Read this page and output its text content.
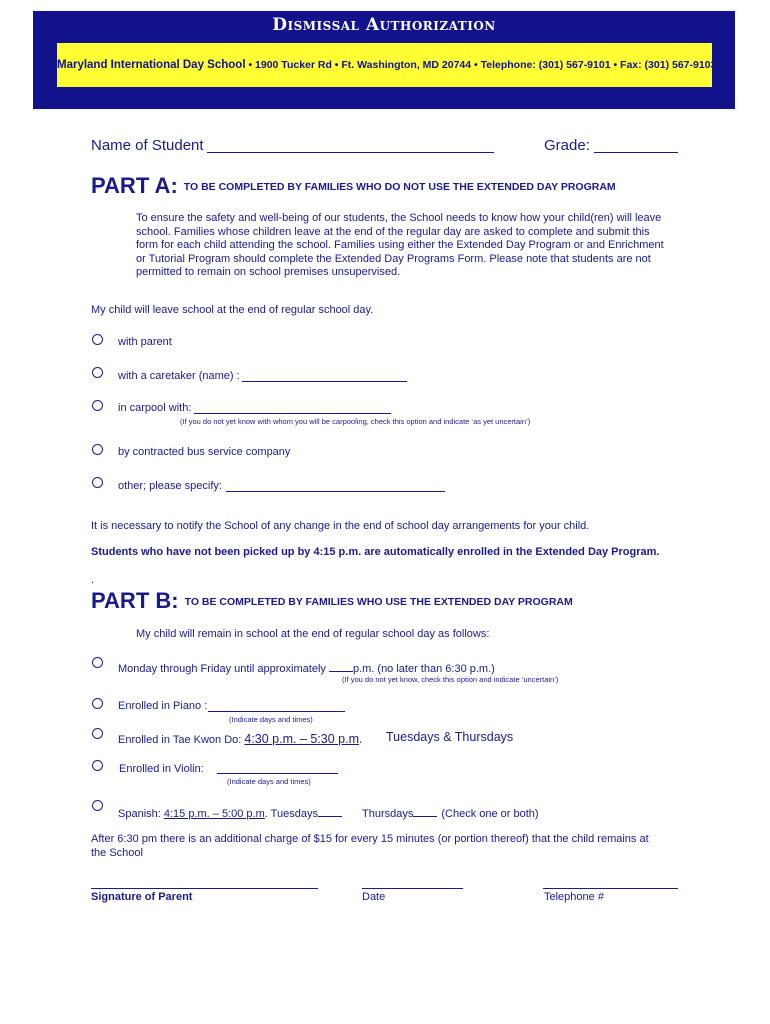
Dismissal Authorization
Maryland International Day School • 1900 Tucker Rd • Ft. Washington, MD 20744 • Telephone: (301) 567-9101 • Fax: (301) 567-9103
Name of Student	Grade:
PART A: TO BE COMPLETED BY FAMILIES WHO DO NOT USE THE EXTENDED DAY PROGRAM
To ensure the safety and well-being of our students, the School needs to know how your child(ren) will leave
school. Families whose children leave at the end of the regular day are asked to complete and submit this
form for each child attending the school. Families using either the Extended Day Program or and Enrichment
or Tutorial Program should complete the Extended Day Programs Form. Please note that students are not
permitted to remain on school premises unsupervised.
My child will leave school at the end of regular school day.
with parent
with a caretaker (name) :
in carpool with:
(If you do not yet know with whom you will be carpooling, check this option and indicate ‘as yet uncertain’)
by contracted bus service company
other; please specify:
It is necessary to notify the School of any change in the end of school day arrangements for your child.
Students who have not been picked up by 4:15 p.m. are automatically enrolled in the Extended Day Program.
.
PART B: TO BE COMPLETED BY FAMILIES WHO USE THE EXTENDED DAY PROGRAM
My child will remain in school at the end of regular school day as follows:
Monday through Friday until approximately p.m. (no later than 6:30 p.m.)
(If you do not yet know, check this option and indicate ‘uncertain’)
Enrolled in Piano :
(Indicate days and times)
Enrolled in Tae Kwon Do: 4:30 p.m. – 5:30 p.m. Tuesdays & Thursdays
Enrolled in Violin:
(Indicate days and times)
Spanish: 4:15 p.m. – 5:00 p.m. Tuesdays	Thursdays	(Check one or both)
After 6:30 pm there is an additional charge of $15 for every 15 minutes (or portion thereof) that the child remains at
the School
Signature of Parent	Date	Telephone #
